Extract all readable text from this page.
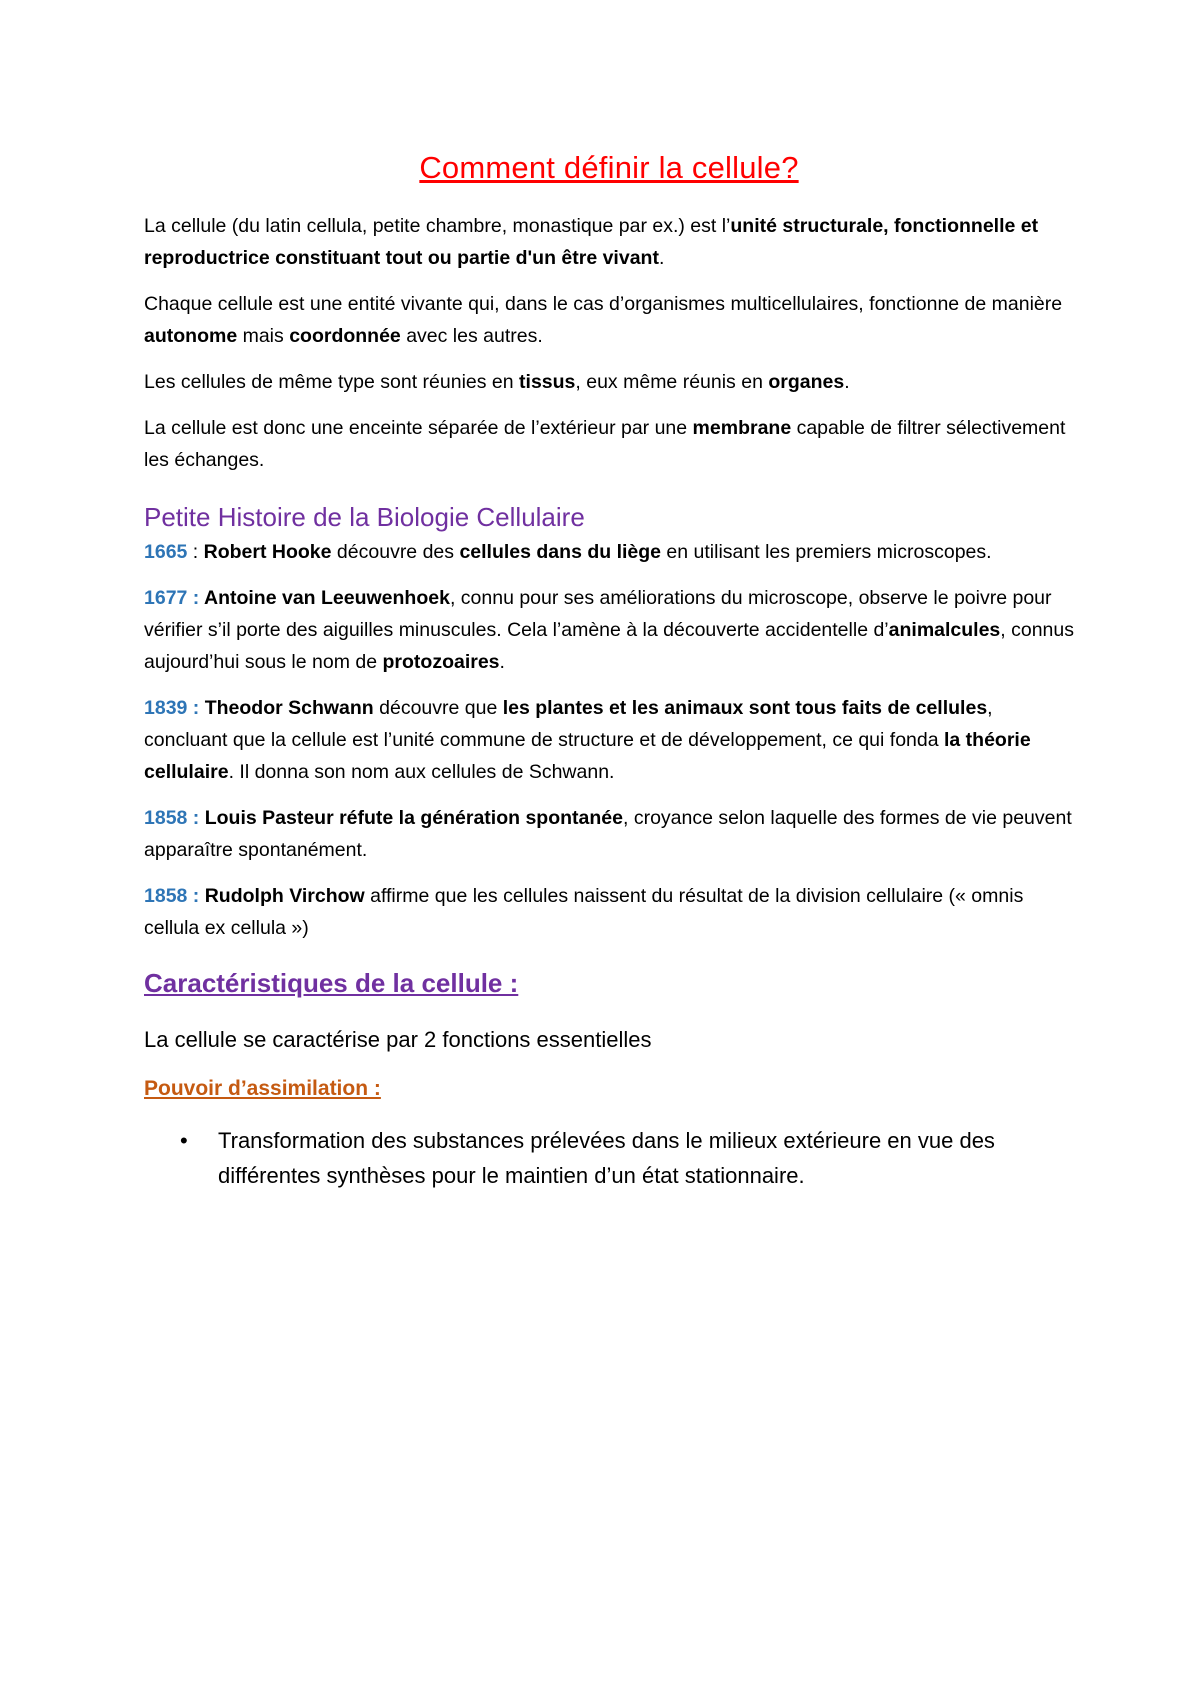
Comment définir la cellule?

La cellule (du latin cellula, petite chambre, monastique par ex.) est l’unité structurale, fonctionnelle et reproductrice constituant tout ou partie d'un être vivant.

Chaque cellule est une entité vivante qui, dans le cas d’organismes multicellulaires, fonctionne de manière autonome mais coordonnée avec les autres.

Les cellules de même type sont réunies en tissus, eux même réunis en organes.

La cellule est donc une enceinte séparée de l’extérieur par une membrane capable de filtrer sélectivement les échanges.

Petite Histoire de la Biologie Cellulaire

1665 : Robert Hooke découvre des cellules dans du liège en utilisant les premiers microscopes.

1677 : Antoine van Leeuwenhoek, connu pour ses améliorations du microscope, observe le poivre pour vérifier s’il porte des aiguilles minuscules. Cela l’amène à la découverte accidentelle d’animalcules, connus aujourd’hui sous le nom de protozoaires.

1839 : Theodor Schwann découvre que les plantes et les animaux sont tous faits de cellules, concluant que la cellule est l’unité commune de structure et de développement, ce qui fonda la théorie cellulaire. Il donna son nom aux cellules de Schwann.

1858 : Louis Pasteur réfute la génération spontanée, croyance selon laquelle des formes de vie peuvent apparaître spontanément.

1858 : Rudolph Virchow affirme que les cellules naissent du résultat de la division cellulaire (« omnis cellula ex cellula »)

Caractéristiques de la cellule :
La cellule se caractérise par 2 fonctions essentielles
Pouvoir d’assimilation :
• Transformation des substances prélevées dans le milieux extérieure en vue des différentes synthèses pour le maintien d’un état stationnaire.
